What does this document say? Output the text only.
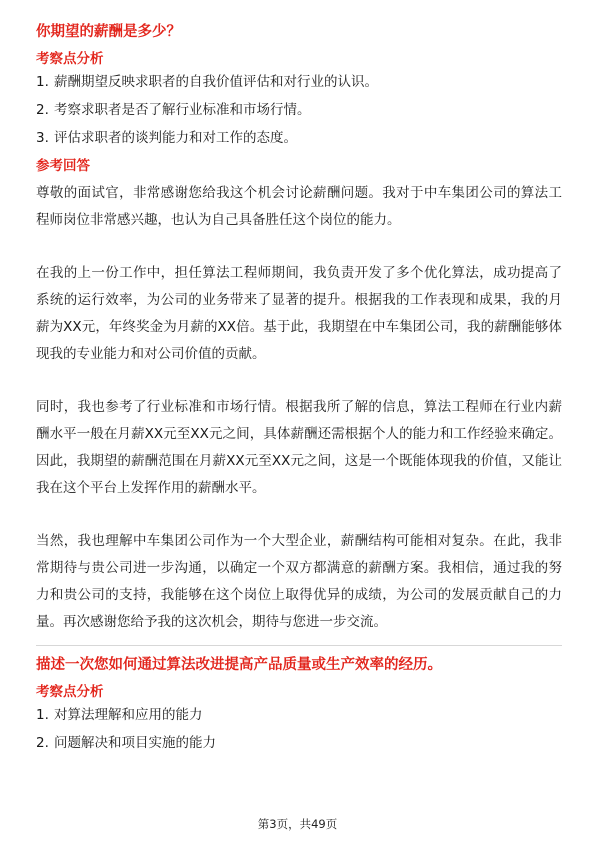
你期望的薪酬是多少？
考察点分析
1. 薪酬期望反映求职者的自我价值评估和对行业的认识。
2. 考察求职者是否了解行业标准和市场行情。
3. 评估求职者的谈判能力和对工作的态度。
参考回答

尊敬的面试官，非常感谢您给我这个机会讨论薪酬问题。我对于中车集团公司的算法工程师岗位非常感兴趣，也认为自己具备胜任这个岗位的能力。

在我的上一份工作中，担任算法工程师期间，我负责开发了多个优化算法，成功提高了系统的运行效率，为公司的业务带来了显著的提升。根据我的工作表现和成果，我的月薪为XX元，年终奖金为月薪的XX倍。基于此，我期望在中车集团公司，我的薪酬能够体现我的专业能力和对公司价值的贡献。

同时，我也参考了行业标准和市场行情。根据我所了解的信息，算法工程师在行业内薪酬水平一般在月薪XX元至XX元之间，具体薪酬还需根据个人的能力和工作经验来确定。因此，我期望的薪酬范围在月薪XX元至XX元之间，这是一个既能体现我的价值，又能让我在这个平台上发挥作用的薪酬水平。

当然，我也理解中车集团公司作为一个大型企业，薪酬结构可能相对复杂。在此，我非常期待与贵公司进一步沟通，以确定一个双方都满意的薪酬方案。我相信，通过我的努力和贵公司的支持，我能够在这个岗位上取得优异的成绩，为公司的发展贡献自己的力量。再次感谢您给予我的这次机会，期待与您进一步交流。

描述一次您如何通过算法改进提高产品质量或生产效率的经历。
考察点分析
1. 对算法理解和应用的能力
2. 问题解决和项目实施的能力
第3页，共49页
